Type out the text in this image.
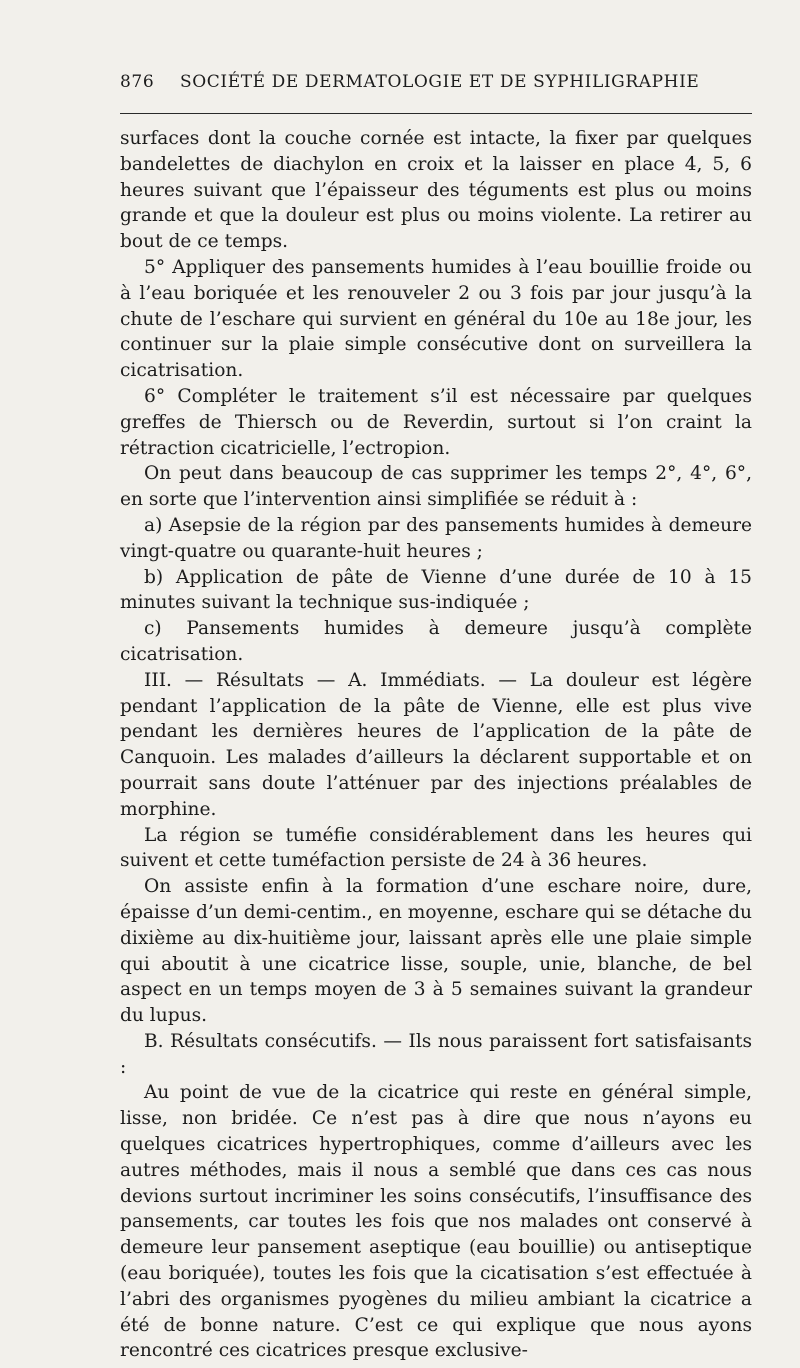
876	SOCIÉTÉ DE DERMATOLOGIE ET DE SYPHILIGRAPHIE

surfaces dont la couche cornée est intacte, la fixer par quelques bandelettes de diachylon en croix et la laisser en place 4, 5, 6 heures suivant que l’épaisseur des téguments est plus ou moins grande et que la douleur est plus ou moins violente. La retirer au bout de ce temps.

5° Appliquer des pansements humides à l’eau bouillie froide ou à l’eau boriquée et les renouveler 2 ou 3 fois par jour jusqu’à la chute de l’eschare qui survient en général du 10e au 18e jour, les continuer sur la plaie simple consécutive dont on surveillera la cicatrisation.

6° Compléter le traitement s’il est nécessaire par quelques greffes de Thiersch ou de Reverdin, surtout si l’on craint la rétraction cicatricielle, l’ectropion.

On peut dans beaucoup de cas supprimer les temps 2°, 4°, 6°, en sorte que l’intervention ainsi simplifiée se réduit à :

a) Asepsie de la région par des pansements humides à demeure vingt-quatre ou quarante-huit heures ;

b) Application de pâte de Vienne d’une durée de 10 à 15 minutes suivant la technique sus-indiquée ;

c) Pansements humides à demeure jusqu’à complète cicatrisation.

III. — Résultats — A. Immédiats. — La douleur est légère pendant l’application de la pâte de Vienne, elle est plus vive pendant les dernières heures de l’application de la pâte de Canquoin. Les malades d’ailleurs la déclarent supportable et on pourrait sans doute l’atténuer par des injections préalables de morphine.

La région se tuméfie considérablement dans les heures qui suivent et cette tuméfaction persiste de 24 à 36 heures.

On assiste enfin à la formation d’une eschare noire, dure, épaisse d’un demi-centim., en moyenne, eschare qui se détache du dixième au dix-huitième jour, laissant après elle une plaie simple qui aboutit à une cicatrice lisse, souple, unie, blanche, de bel aspect en un temps moyen de 3 à 5 semaines suivant la grandeur du lupus.

B. Résultats consécutifs. — Ils nous paraissent fort satisfaisants :

Au point de vue de la cicatrice qui reste en général simple, lisse, non bridée. Ce n’est pas à dire que nous n’ayons eu quelques cicatrices hypertrophiques, comme d’ailleurs avec les autres méthodes, mais il nous a semblé que dans ces cas nous devions surtout incriminer les soins consécutifs, l’insuffisance des pansements, car toutes les fois que nos malades ont conservé à demeure leur pansement aseptique (eau bouillie) ou antiseptique (eau boriquée), toutes les fois que la cicatisation s’est effectuée à l’abri des organismes pyogènes du milieu ambiant la cicatrice a été de bonne nature. C’est ce qui explique que nous ayons rencontré ces cicatrices presque exclusive-
